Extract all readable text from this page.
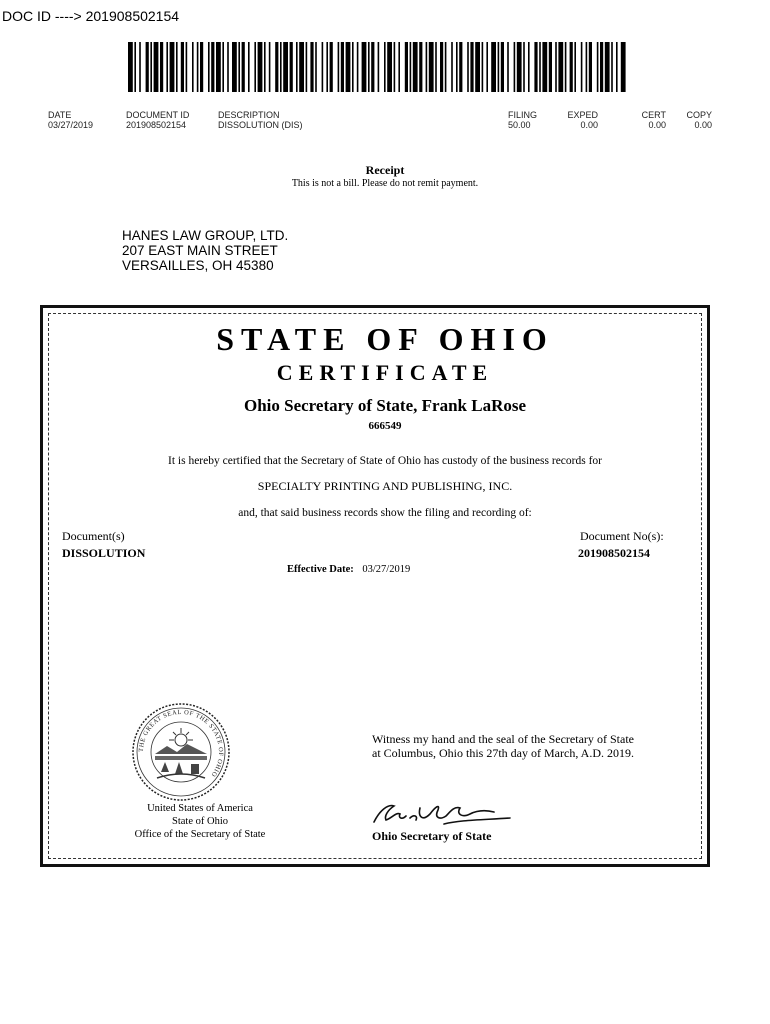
DOC ID ----> 201908502154
DATE
03/27/2019
DOCUMENT ID
201908502154
DESCRIPTION
DISSOLUTION (DIS)
FILING
50.00
EXPED
0.00
CERT
0.00
COPY
0.00
Receipt
This is not a bill. Please do not remit payment.
HANES LAW GROUP, LTD.
207 EAST MAIN STREET
VERSAILLES, OH 45380
STATE OF OHIO
CERTIFICATE
Ohio Secretary of State, Frank LaRose
666549
It is hereby certified that the Secretary of State of Ohio has custody of the business records for
SPECIALTY PRINTING AND PUBLISHING, INC.
and, that said business records show the filing and recording of:
Document(s)
DISSOLUTION
Document No(s):
201908502154
Effective Date: 03/27/2019
THE GREAT SEAL OF THE STATE OF OHIO
United States of America
State of Ohio
Office of the Secretary of State
Witness my hand and the seal of the Secretary of State at Columbus, Ohio this 27th day of March, A.D. 2019.
Ohio Secretary of State
